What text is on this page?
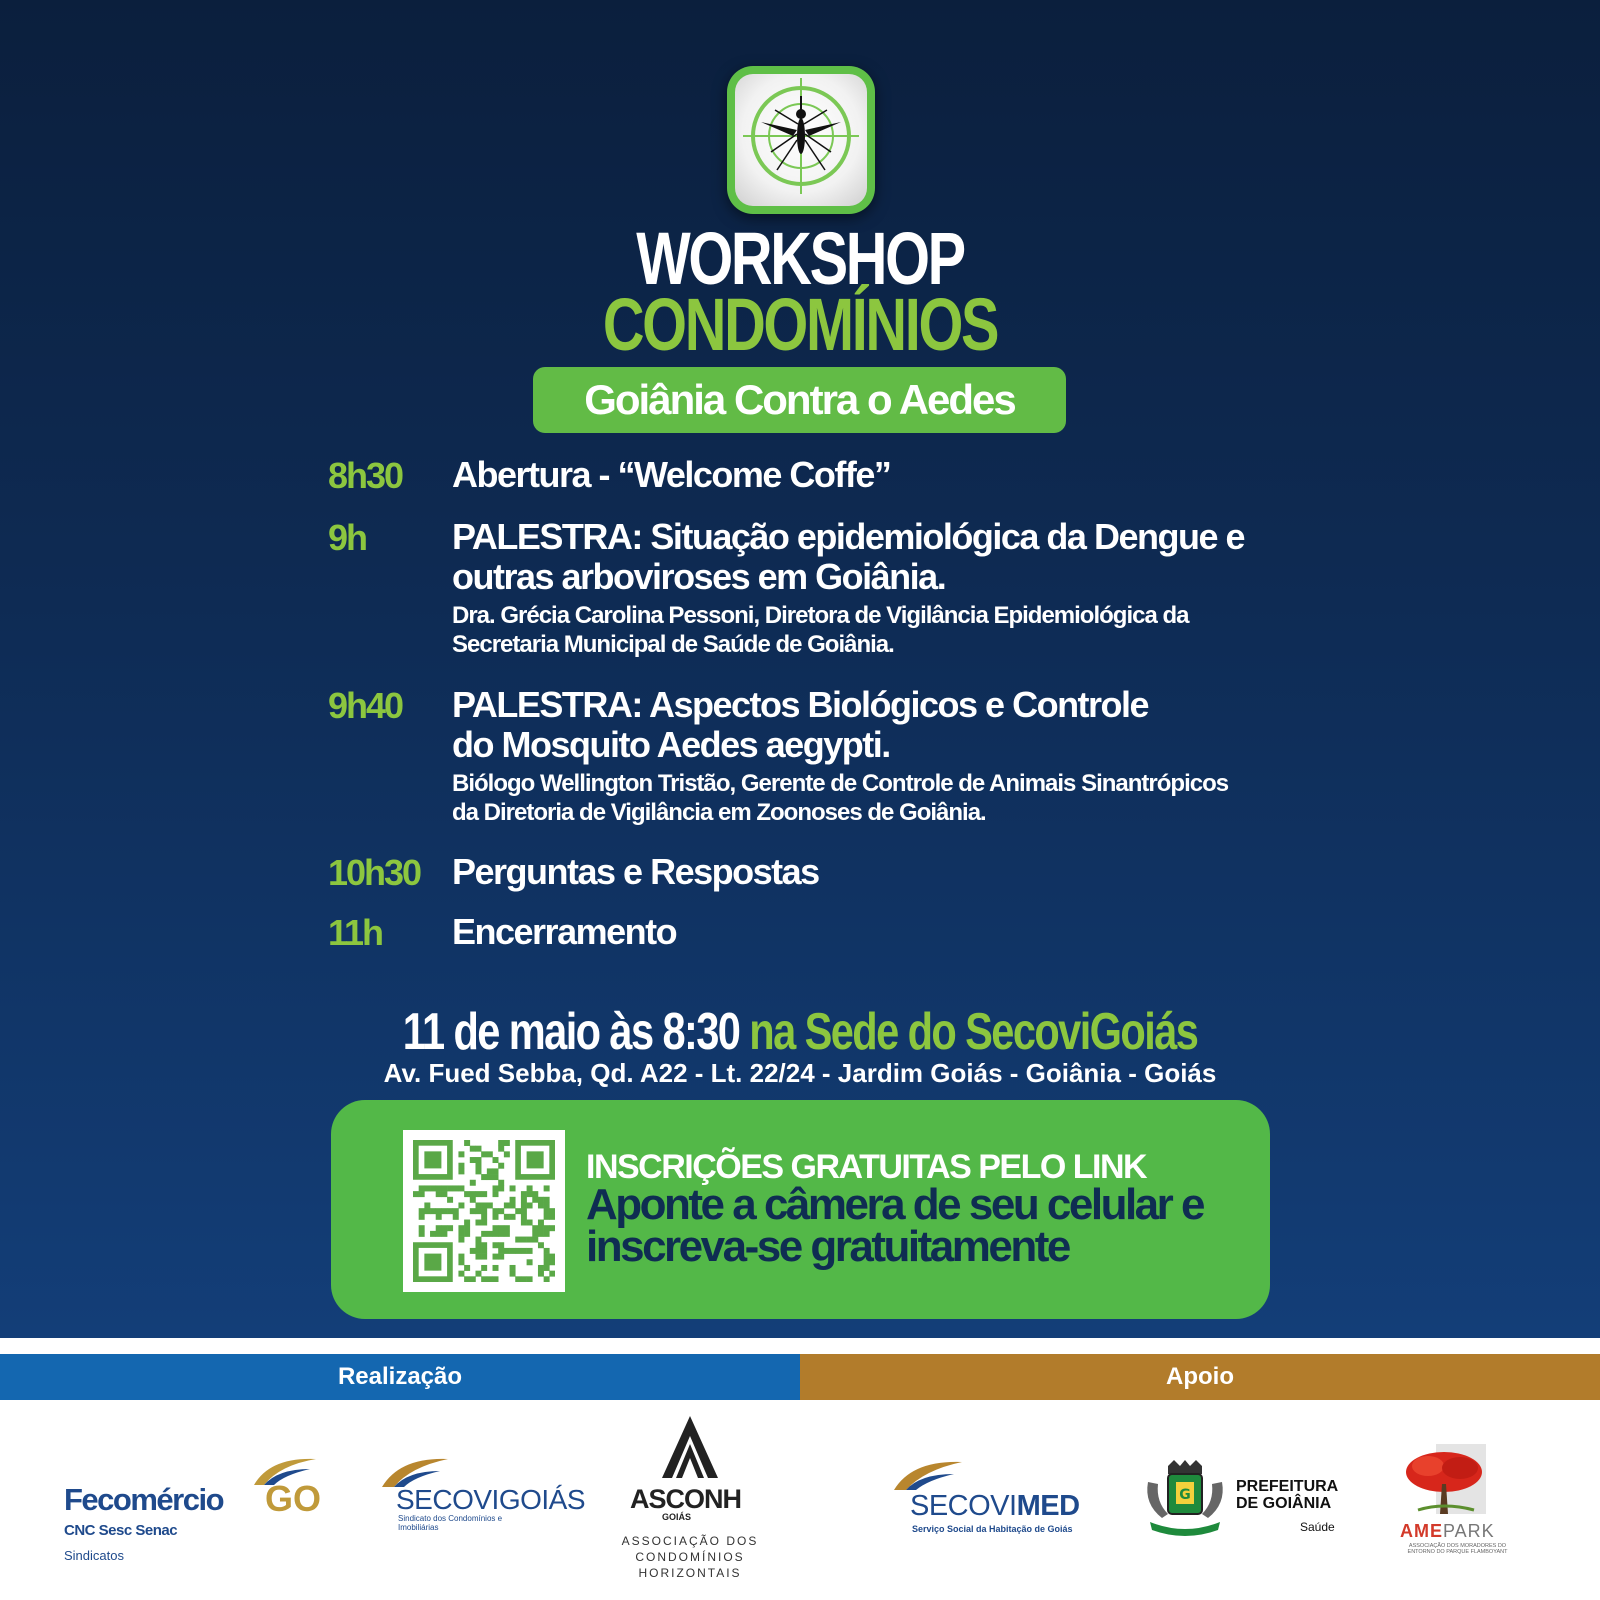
WORKSHOP
CONDOMÍNIOS
Goiânia Contra o Aedes
8h30 Abertura - “Welcome Coffe”
9h PALESTRA: Situação epidemiológica da Dengue e outras arboviroses em Goiânia.
Dra. Grécia Carolina Pessoni, Diretora de Vigilância Epidemiológica da Secretaria Municipal de Saúde de Goiânia.
9h40 PALESTRA: Aspectos Biológicos e Controle do Mosquito Aedes aegypti.
Biólogo Wellington Tristão, Gerente de Controle de Animais Sinantrópicos da Diretoria de Vigilância em Zoonoses de Goiânia.
10h30 Perguntas e Respostas
11h Encerramento
11 de maio às 8:30 na Sede do SecoviGoiás
Av. Fued Sebba, Qd. A22 - Lt. 22/24 - Jardim Goiás - Goiânia - Goiás
INSCRIÇÕES GRATUITAS PELO LINK
Aponte a câmera de seu celular e inscreva-se gratuitamente
Realização	Apoio
Fecomércio GO
CNC Sesc Senac
Sindicatos
SECOVIGOIÁS
Sindicato dos Condomínios e Imobiliárias
ASCONH
GOIÁS
ASSOCIAÇÃO DOS CONDOMÍNIOS HORIZONTAIS
SECOVIMED
Serviço Social da Habitação de Goiás
G	PREFEITURA DE GOIÂNIA
Saúde	AMEPARK
ASSOCIAÇÃO DOS MORADORES DO ENTORNO DO PARQUE FLAMBOYANT
